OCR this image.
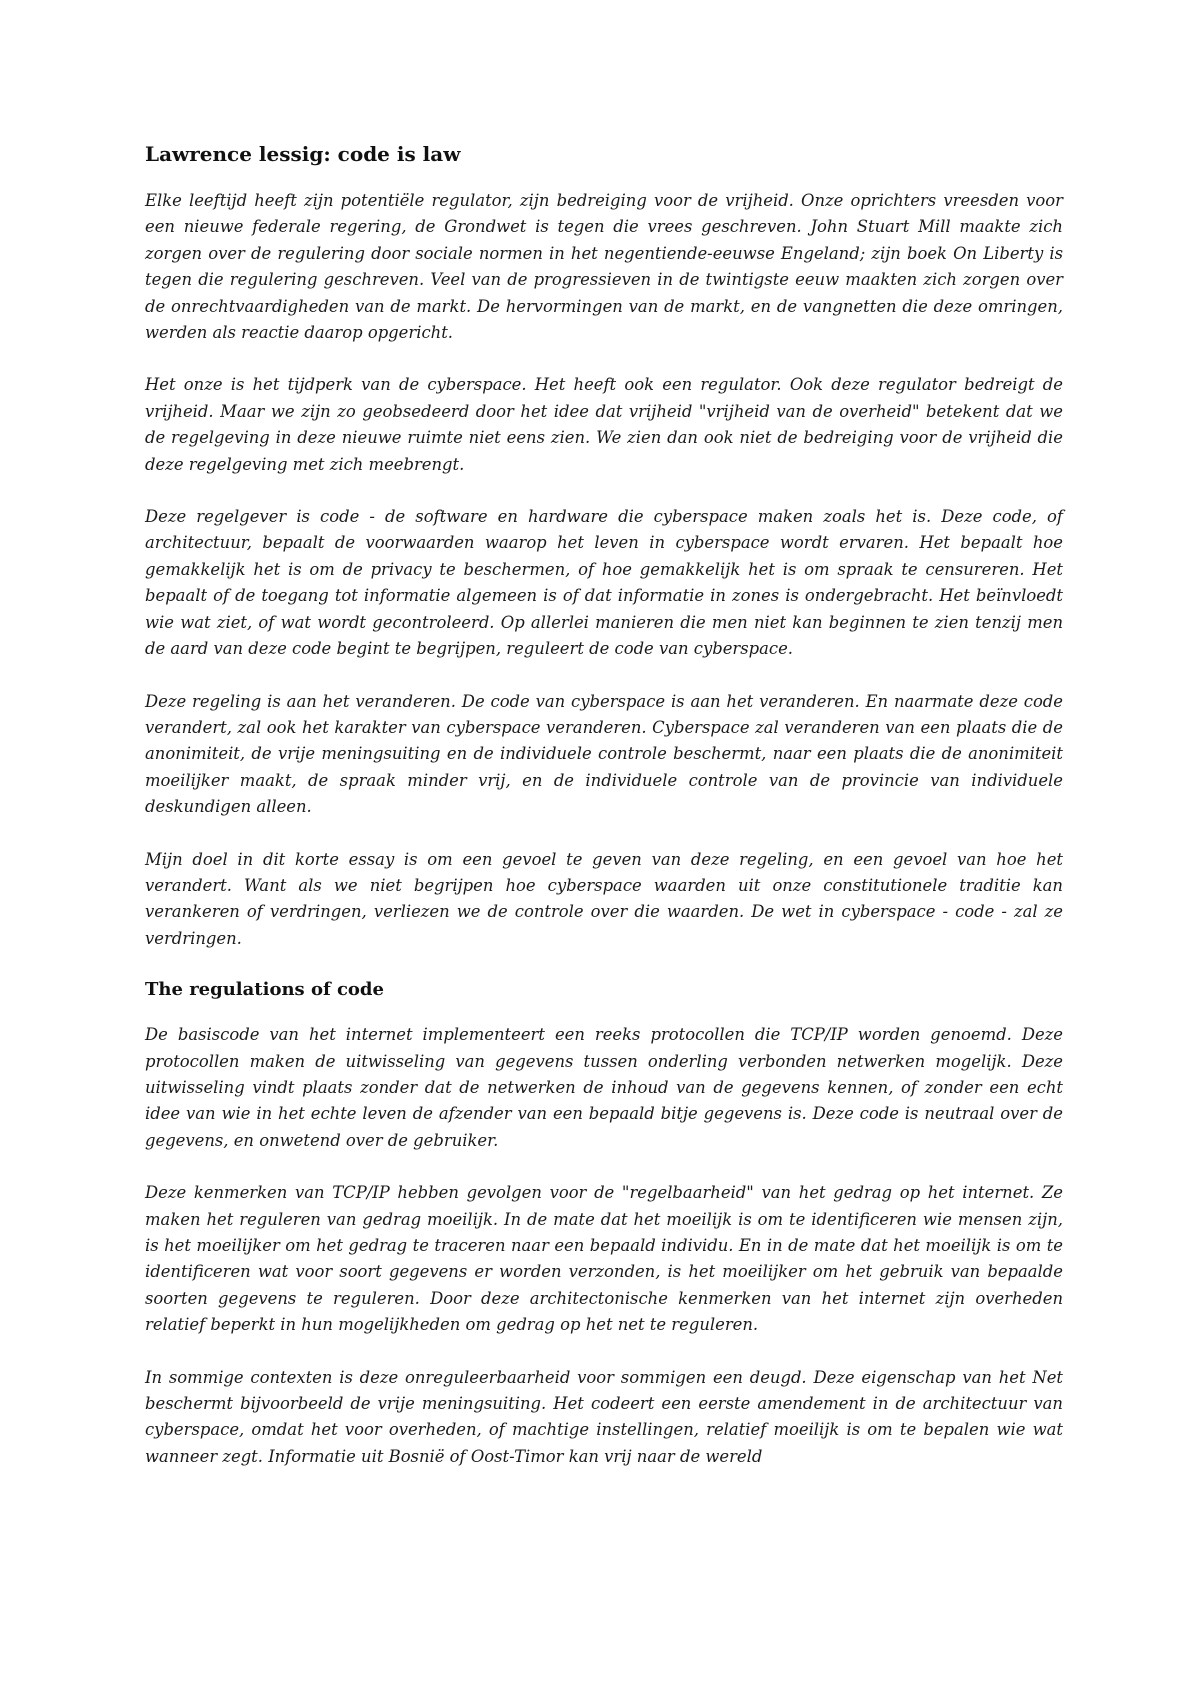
Lawrence lessig: code is law

Elke leeftijd heeft zijn potentiële regulator, zijn bedreiging voor de vrijheid. Onze oprichters vreesden voor een nieuwe federale regering, de Grondwet is tegen die vrees geschreven. John Stuart Mill maakte zich zorgen over de regulering door sociale normen in het negentiende-eeuwse Engeland; zijn boek On Liberty is tegen die regulering geschreven. Veel van de progressieven in de twintigste eeuw maakten zich zorgen over de onrechtvaardigheden van de markt. De hervormingen van de markt, en de vangnetten die deze omringen, werden als reactie daarop opgericht.

Het onze is het tijdperk van de cyberspace. Het heeft ook een regulator. Ook deze regulator bedreigt de vrijheid. Maar we zijn zo geobsedeerd door het idee dat vrijheid "vrijheid van de overheid" betekent dat we de regelgeving in deze nieuwe ruimte niet eens zien. We zien dan ook niet de bedreiging voor de vrijheid die deze regelgeving met zich meebrengt.

Deze regelgever is code - de software en hardware die cyberspace maken zoals het is. Deze code, of architectuur, bepaalt de voorwaarden waarop het leven in cyberspace wordt ervaren. Het bepaalt hoe gemakkelijk het is om de privacy te beschermen, of hoe gemakkelijk het is om spraak te censureren. Het bepaalt of de toegang tot informatie algemeen is of dat informatie in zones is ondergebracht. Het beïnvloedt wie wat ziet, of wat wordt gecontroleerd. Op allerlei manieren die men niet kan beginnen te zien tenzij men de aard van deze code begint te begrijpen, reguleert de code van cyberspace.

Deze regeling is aan het veranderen. De code van cyberspace is aan het veranderen. En naarmate deze code verandert, zal ook het karakter van cyberspace veranderen. Cyberspace zal veranderen van een plaats die de anonimiteit, de vrije meningsuiting en de individuele controle beschermt, naar een plaats die de anonimiteit moeilijker maakt, de spraak minder vrij, en de individuele controle van de provincie van individuele deskundigen alleen.

Mijn doel in dit korte essay is om een gevoel te geven van deze regeling, en een gevoel van hoe het verandert. Want als we niet begrijpen hoe cyberspace waarden uit onze constitutionele traditie kan verankeren of verdringen, verliezen we de controle over die waarden. De wet in cyberspace - code - zal ze verdringen.

The regulations of code

De basiscode van het internet implementeert een reeks protocollen die TCP/IP worden genoemd. Deze protocollen maken de uitwisseling van gegevens tussen onderling verbonden netwerken mogelijk. Deze uitwisseling vindt plaats zonder dat de netwerken de inhoud van de gegevens kennen, of zonder een echt idee van wie in het echte leven de afzender van een bepaald bitje gegevens is. Deze code is neutraal over de gegevens, en onwetend over de gebruiker.

Deze kenmerken van TCP/IP hebben gevolgen voor de "regelbaarheid" van het gedrag op het internet. Ze maken het reguleren van gedrag moeilijk. In de mate dat het moeilijk is om te identificeren wie mensen zijn, is het moeilijker om het gedrag te traceren naar een bepaald individu. En in de mate dat het moeilijk is om te identificeren wat voor soort gegevens er worden verzonden, is het moeilijker om het gebruik van bepaalde soorten gegevens te reguleren. Door deze architectonische kenmerken van het internet zijn overheden relatief beperkt in hun mogelijkheden om gedrag op het net te reguleren.

In sommige contexten is deze onreguleerbaarheid voor sommigen een deugd. Deze eigenschap van het Net beschermt bijvoorbeeld de vrije meningsuiting. Het codeert een eerste amendement in de architectuur van cyberspace, omdat het voor overheden, of machtige instellingen, relatief moeilijk is om te bepalen wie wat wanneer zegt. Informatie uit Bosnië of Oost-Timor kan vrij naar de wereld
